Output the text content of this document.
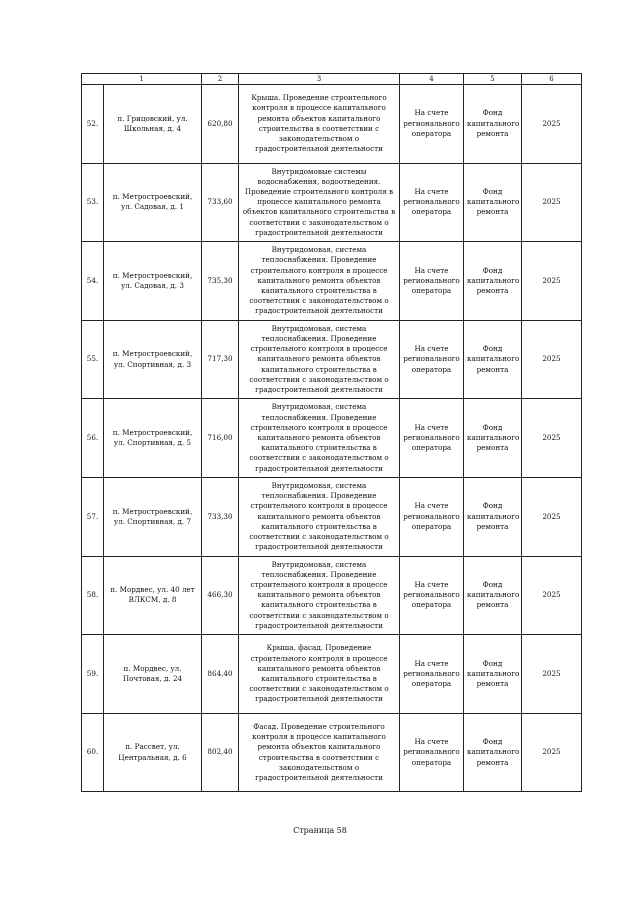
1		2	3	4	5	6
52.	п. Грицовский, ул. Школьная, д. 4	620,80	Крыша. Проведение строительного контроля в процессе капитального ремонта объектов капитального строительства в соответствии с законодательством о градостроительной деятельности	На счете регионального оператора	Фонд капитального ремонта	2025
53.	п. Метростроевский, ул. Садовая, д. 1	733,60	Внутридомовые системы водоснабжения, водоотведения. Проведение строительного контроля в процессе капитального ремонта объектов капитального строительства в соответствии с законодательством о градостроительной деятельности	На счете регионального оператора	Фонд капитального ремонта	2025
54.	п. Метростроевский, ул. Садовая, д. 3	735,30	Внутридомовая, система теплоснабжения. Проведение строительного контроля в процессе капитального ремонта объектов капитального строительства в соответствии с законодательством о градостроительной деятельности	На счете регионального оператора	Фонд капитального ремонта	2025
55.	п. Метростроевский, ул. Спортивная, д. 3	717,30	Внутридомовая, система теплоснабжения. Проведение строительного контроля в процессе капитального ремонта объектов капитального строительства в соответствии с законодательством о градостроительной деятельности	На счете регионального оператора	Фонд капитального ремонта	2025
56.	п. Метростроевский, ул. Спортивная, д. 5	716,00	Внутридомовая, система теплоснабжения. Проведение строительного контроля в процессе капитального ремонта объектов капитального строительства в соответствии с законодательством о градостроительной деятельности	На счете регионального оператора	Фонд капитального ремонта	2025
57.	п. Метростроевский, ул. Спортивная, д. 7	733,30	Внутридомовая, система теплоснабжения. Проведение строительного контроля в процессе капитального ремонта объектов капитального строительства в соответствии с законодательством о градостроительной деятельности	На счете регионального оператора	Фонд капитального ремонта	2025
58.	п. Мордвес, ул. 40 лет ВЛКСМ, д. 8	466,30	Внутридомовая, система теплоснабжения. Проведение строительного контроля в процессе капитального ремонта объектов капитального строительства в соответствии с законодательством о градостроительной деятельности	На счете регионального оператора	Фонд капитального ремонта	2025
59.	п. Мордвес, ул. Почтовая, д. 24	864,40	Крыша, фасад. Проведение строительного контроля в процессе капитального ремонта объектов капитального строительства в соответствии с законодательством о градостроительной деятельности	На счете регионального оператора	Фонд капитального ремонта	2025
60.	п. Рассвет, ул. Центральная, д. 6	802,40	Фасад. Проведение строительного контроля в процессе капитального ремонта объектов капитального строительства в соответствии с законодательством о градостроительной деятельности	На счете регионального оператора	Фонд капитального ремонта	2025
Страница 58
